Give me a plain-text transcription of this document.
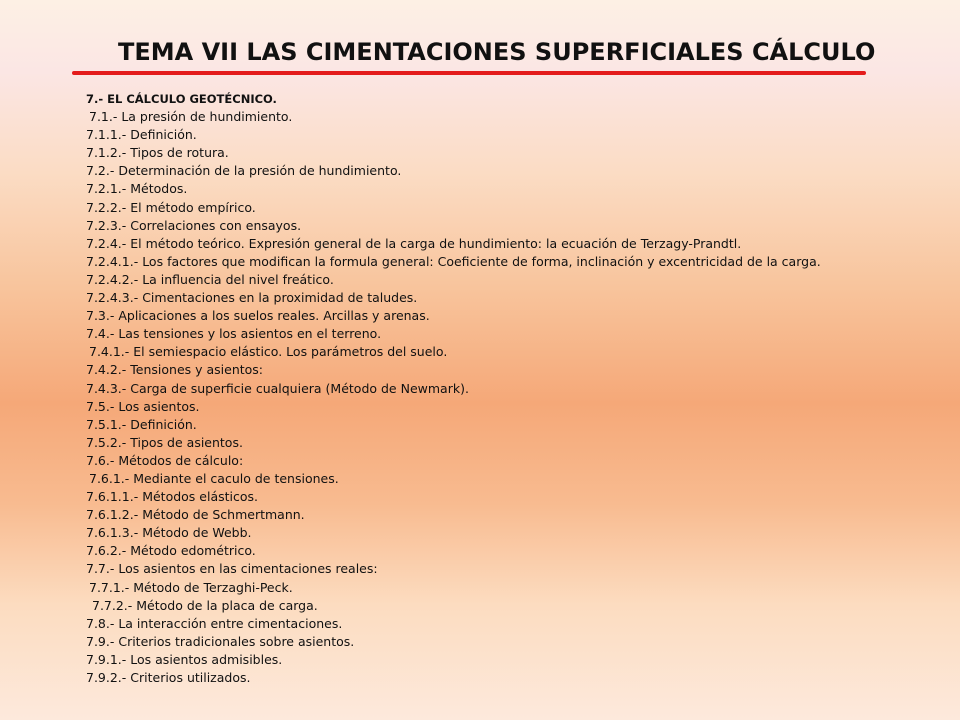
TEMA VII LAS CIMENTACIONES SUPERFICIALES CÁLCULO
7.- EL CÁLCULO GEOTÉCNICO.
7.1.- La presión de hundimiento.
7.1.1.- Definición.
7.1.2.- Tipos de rotura.
7.2.- Determinación de la presión de hundimiento.
7.2.1.- Métodos.
7.2.2.- El método empírico.
7.2.3.- Correlaciones con ensayos.
7.2.4.- El método teórico. Expresión general de la carga de hundimiento: la ecuación de Terzagy-Prandtl.
7.2.4.1.- Los factores que modifican la formula general: Coeficiente de forma, inclinación y excentricidad de la carga.
7.2.4.2.- La influencia del nivel freático.
7.2.4.3.- Cimentaciones en la proximidad de taludes.
7.3.- Aplicaciones a los suelos reales. Arcillas y arenas.
7.4.- Las tensiones y los asientos en el terreno.
7.4.1.- El semiespacio elástico. Los parámetros del suelo.
7.4.2.- Tensiones y asientos:
7.4.3.- Carga de superficie cualquiera (Método de Newmark).
7.5.- Los asientos.
7.5.1.- Definición.
7.5.2.- Tipos de asientos.
7.6.- Métodos de cálculo:
7.6.1.- Mediante el caculo de tensiones.
7.6.1.1.- Métodos elásticos.
7.6.1.2.- Método de Schmertmann.
7.6.1.3.- Método de Webb.
7.6.2.- Método edométrico.
7.7.- Los asientos en las cimentaciones reales:
7.7.1.- Método de Terzaghi-Peck.
7.7.2.- Método de la placa de carga.
7.8.- La interacción entre cimentaciones.
7.9.- Criterios tradicionales sobre asientos.
7.9.1.- Los asientos admisibles.
7.9.2.- Criterios utilizados.
